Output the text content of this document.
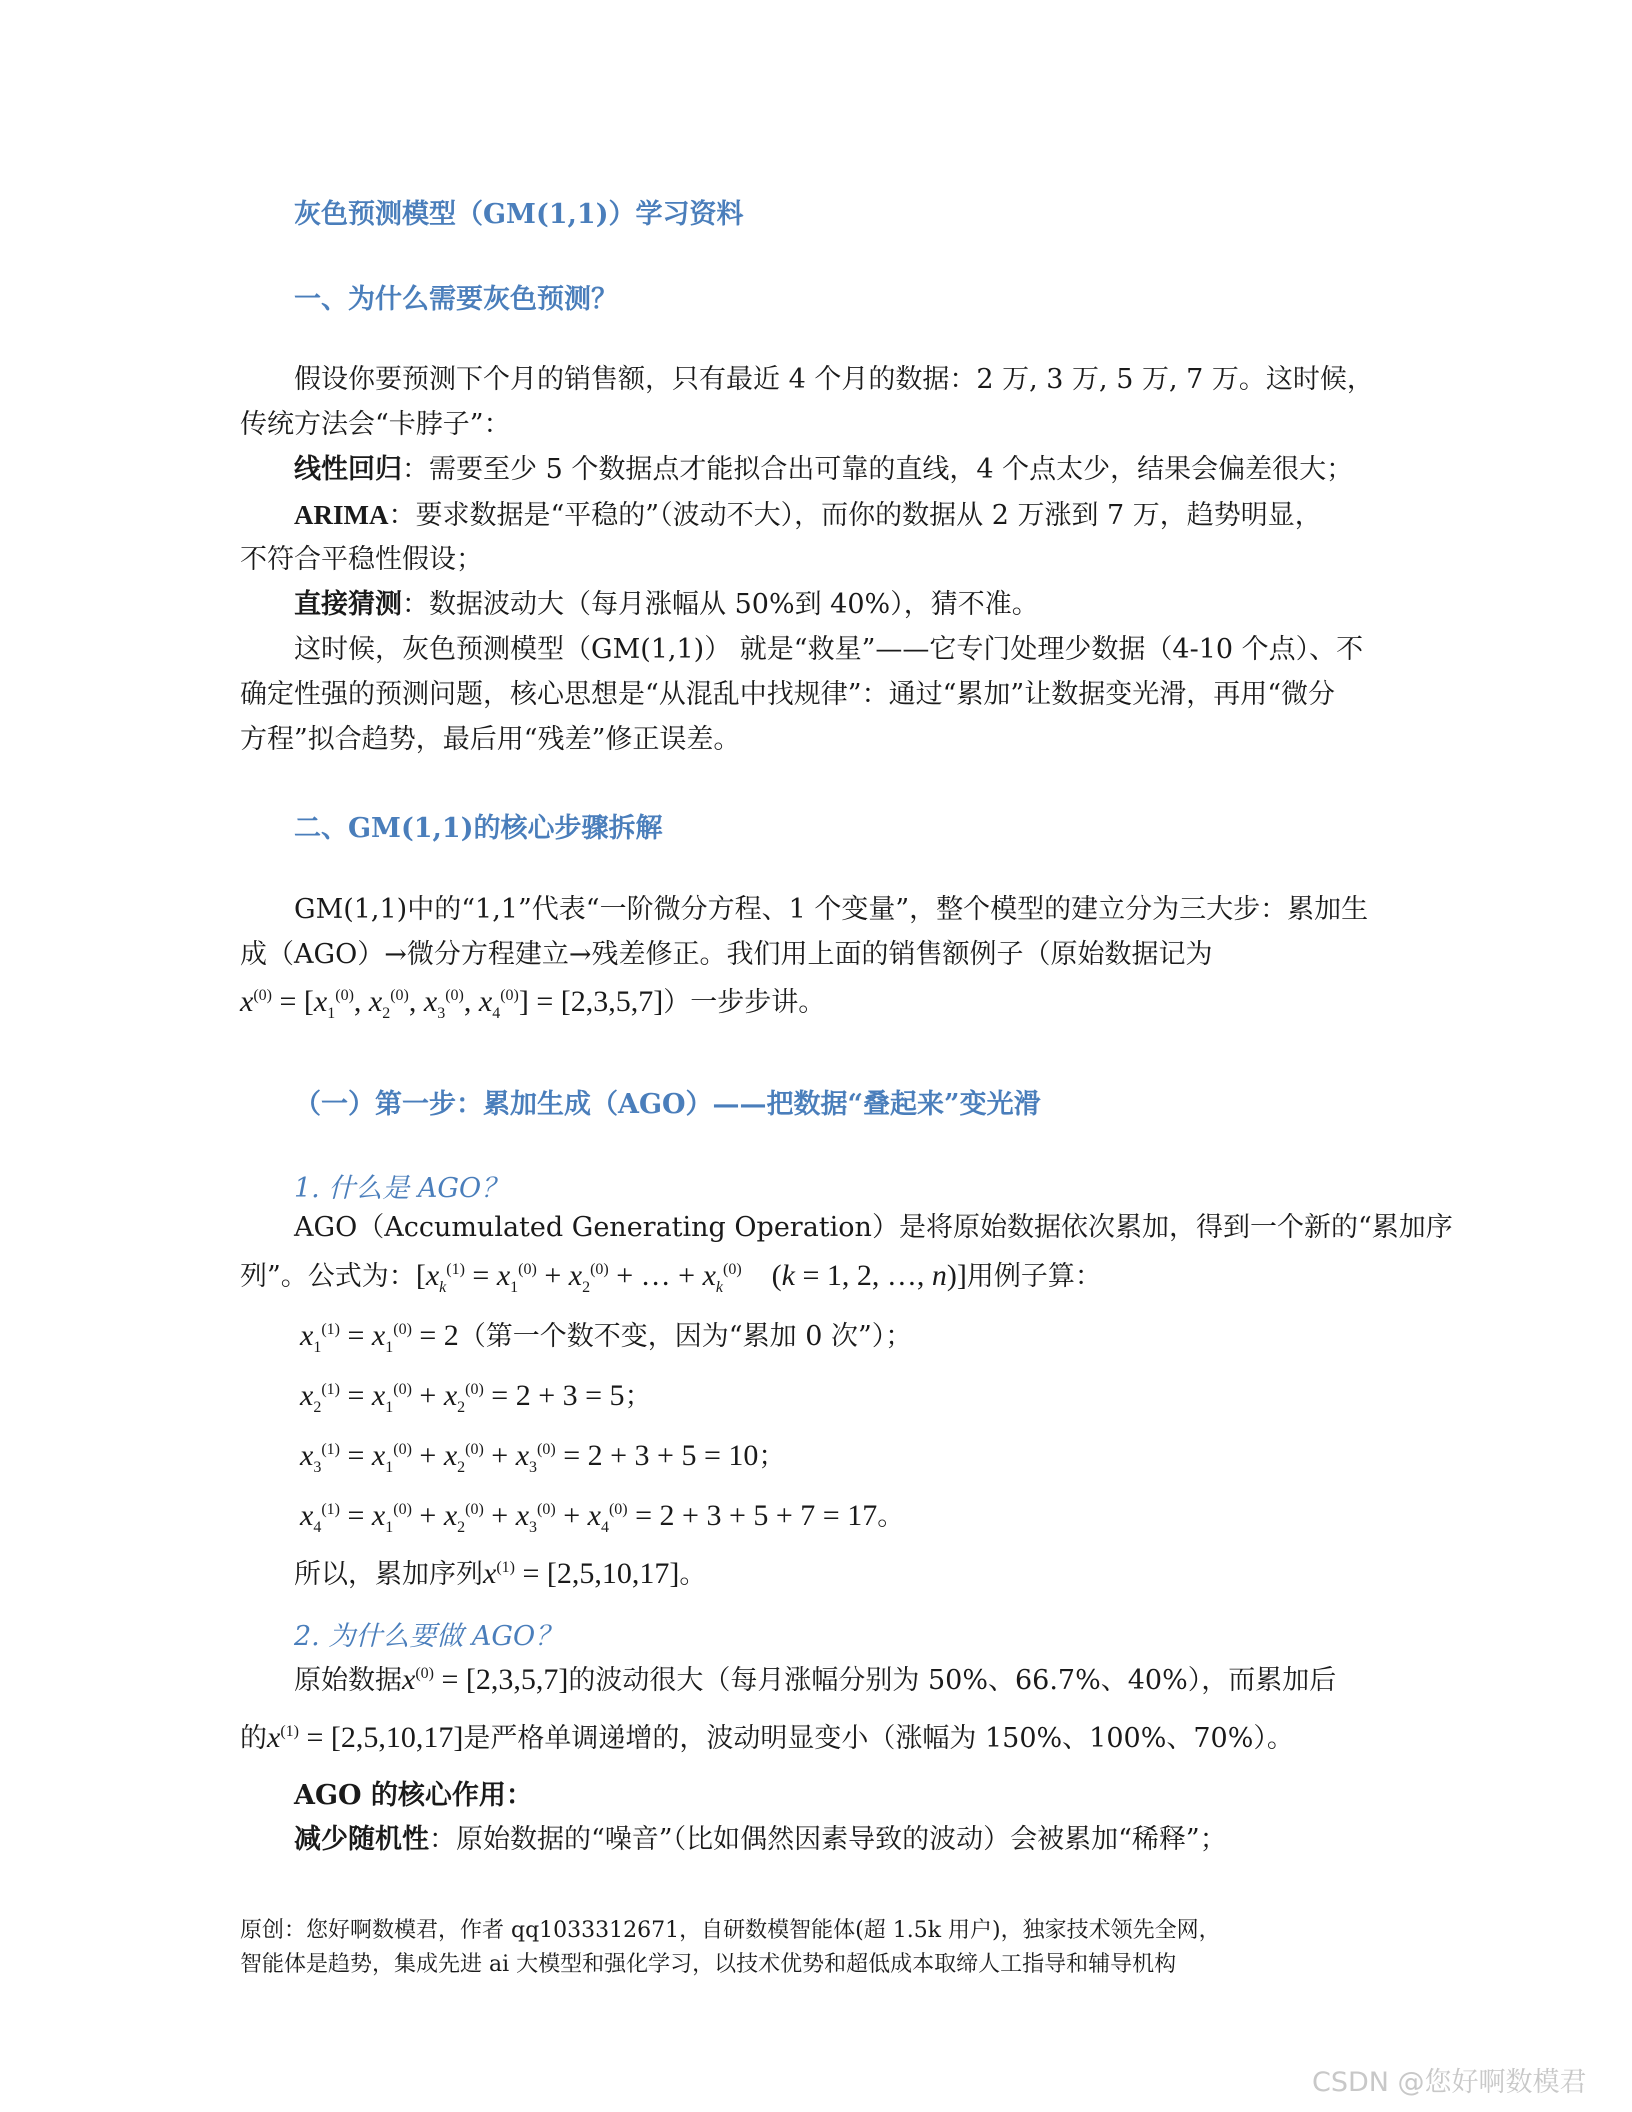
灰色预测模型（GM(1,1)）学习资料
一、为什么需要灰色预测？
假设你要预测下个月的销售额，只有最近 4 个月的数据：2 万, 3 万, 5 万, 7 万。这时候，
传统方法会“卡脖子”：
线性回归：需要至少 5 个数据点才能拟合出可靠的直线，4 个点太少，结果会偏差很大；
ARIMA：要求数据是“平稳的”（波动不大），而你的数据从 2 万涨到 7 万，趋势明显，
不符合平稳性假设；
直接猜测：数据波动大（每月涨幅从 50%到 40%），猜不准。
这时候，灰色预测模型（GM(1,1)） 就是“救星”——它专门处理少数据（4-10 个点）、不
确定性强的预测问题，核心思想是“从混乱中找规律”：通过“累加”让数据变光滑，再用“微分
方程”拟合趋势，最后用“残差”修正误差。
二、GM(1,1)的核心步骤拆解
GM(1,1)中的“1,1”代表“一阶微分方程、1 个变量”，整个模型的建立分为三大步：累加生
成（AGO）→微分方程建立→残差修正。我们用上面的销售额例子（原始数据记为
$x^{(0)} = [x_1^{(0)}$, $x_2^{(0)}$, $x_3^{(0)}$, $x_4^{(0)}] = [2,3,5,7]$）一步步讲。
（一）第一步：累加生成（AGO）——把数据“叠起来”变光滑
1. 什么是 AGO？
AGO（Accumulated Generating Operation）是将原始数据依次累加，得到一个新的“累加序
列”。公式为：[$x_k^{(1)} = x_1^{(0)} + x_2^{(0)}$ + … + $x_k^{(0)}$    (k = 1, 2, …, n)]用例子算：
$x_1^{(1)} = x_1^{(0)} = 2$（第一个数不变，因为“累加 0 次”）；
$x_2^{(1)} = x_1^{(0)} + x_2^{(0)} = 2 + 3 = 5$；
$x_3^{(1)} = x_1^{(0)} + x_2^{(0)} + x_3^{(0)} = 2 + 3 + 5 = 10$；
$x_4^{(1)} = x_1^{(0)} + x_2^{(0)} + x_3^{(0)} + x_4^{(0)} = 2 + 3 + 5 + 7 = 17$。
所以，累加序列$x^{(1)} = [2,5,10,17]$。
2. 为什么要做 AGO？
原始数据$x^{(0)} = [2,3,5,7]$的波动很大（每月涨幅分别为 50%、66.7%、40%），而累加后
的$x^{(1)} = [2,5,10,17]$是严格单调递增的，波动明显变小（涨幅为 150%、100%、70%）。
AGO 的核心作用：
减少随机性：原始数据的“噪音”（比如偶然因素导致的波动）会被累加“稀释”；
原创：您好啊数模君，作者 qq1033312671，自研数模智能体(超 1.5k 用户)，独家技术领先全网，
智能体是趋势，集成先进 ai 大模型和强化学习，以技术优势和超低成本取缔人工指导和辅导机构
CSDN @您好啊数模君
